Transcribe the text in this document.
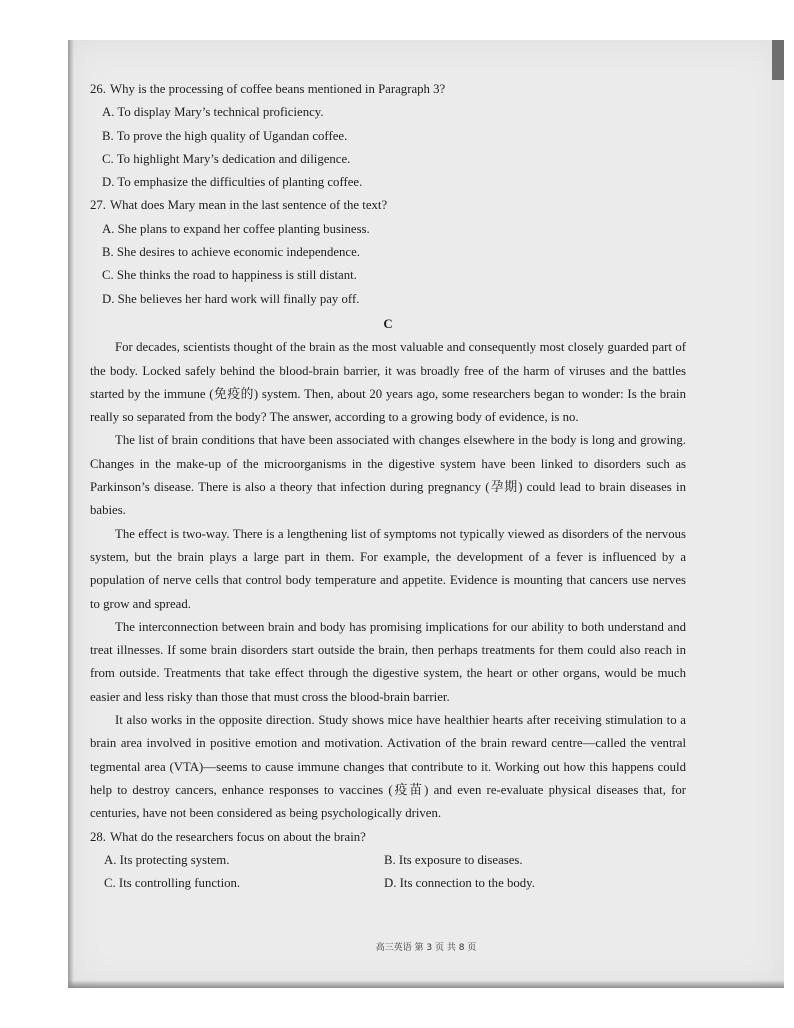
26. Why is the processing of coffee beans mentioned in Paragraph 3?

A. To display Mary’s technical proficiency.

B. To prove the high quality of Ugandan coffee.

C. To highlight Mary’s dedication and diligence.

D. To emphasize the difficulties of planting coffee.

27. What does Mary mean in the last sentence of the text?

A. She plans to expand her coffee planting business.

B. She desires to achieve economic independence.

C. She thinks the road to happiness is still distant.

D. She believes her hard work will finally pay off.

C

For decades, scientists thought of the brain as the most valuable and consequently most closely guarded part of the body. Locked safely behind the blood-brain barrier, it was broadly free of the harm of viruses and the battles started by the immune (免疫的) system. Then, about 20 years ago, some researchers began to wonder: Is the brain really so separated from the body? The answer, according to a growing body of evidence, is no.

The list of brain conditions that have been associated with changes elsewhere in the body is long and growing. Changes in the make-up of the microorganisms in the digestive system have been linked to disorders such as Parkinson’s disease. There is also a theory that infection during pregnancy (孕期) could lead to brain diseases in babies.

The effect is two-way. There is a lengthening list of symptoms not typically viewed as disorders of the nervous system, but the brain plays a large part in them. For example, the development of a fever is influenced by a population of nerve cells that control body temperature and appetite. Evidence is mounting that cancers use nerves to grow and spread.

The interconnection between brain and body has promising implications for our ability to both understand and treat illnesses. If some brain disorders start outside the brain, then perhaps treatments for them could also reach in from outside. Treatments that take effect through the digestive system, the heart or other organs, would be much easier and less risky than those that must cross the blood-brain barrier.

It also works in the opposite direction. Study shows mice have healthier hearts after receiving stimulation to a brain area involved in positive emotion and motivation. Activation of the brain reward centre—called the ventral tegmental area (VTA)—seems to cause immune changes that contribute to it. Working out how this happens could help to destroy cancers, enhance responses to vaccines (疫苗) and even re-evaluate physical diseases that, for centuries, have not been considered as being psychologically driven.

28. What do the researchers focus on about the brain?

A. Its protecting system.	B. Its exposure to diseases.
C. Its controlling function.	D. Its connection to the body.
高三英语 第 3 页 共 8 页
